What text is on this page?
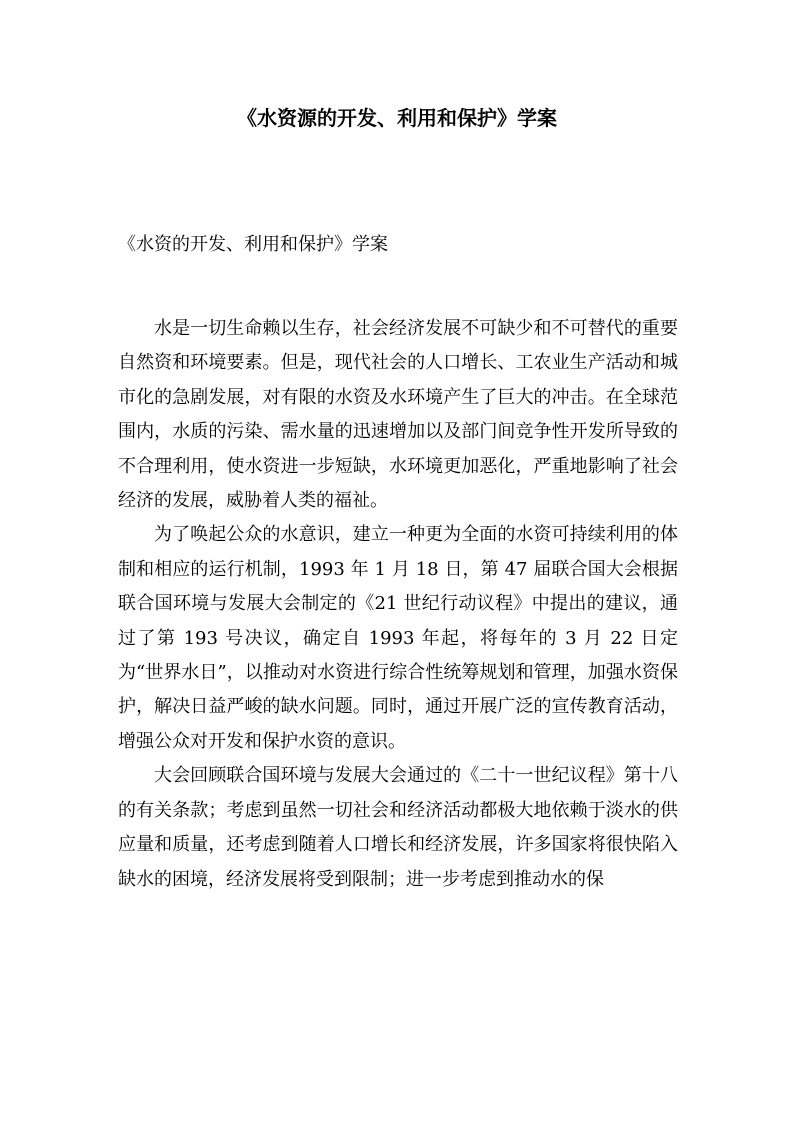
《水资源的开发、利用和保护》学案
《水资的开发、利用和保护》学案

水是一切生命赖以生存，社会经济发展不可缺少和不可替代的重要自然资和环境要素。但是，现代社会的人口增长、工农业生产活动和城市化的急剧发展，对有限的水资及水环境产生了巨大的冲击。在全球范围内，水质的污染、需水量的迅速增加以及部门间竞争性开发所导致的不合理利用，使水资进一步短缺，水环境更加恶化，严重地影响了社会经济的发展，威胁着人类的福祉。

为了唤起公众的水意识，建立一种更为全面的水资可持续利用的体制和相应的运行机制，1993 年 1 月 18 日，第 47 届联合国大会根据联合国环境与发展大会制定的《21 世纪行动议程》中提出的建议，通过了第 193 号决议，确定自 1993 年起，将每年的 3 月 22 日定为“世界水日”，以推动对水资进行综合性统筹规划和管理，加强水资保护，解决日益严峻的缺水问题。同时，通过开展广泛的宣传教育活动，增强公众对开发和保护水资的意识。

大会回顾联合国环境与发展大会通过的《二十一世纪议程》第十八的有关条款；考虑到虽然一切社会和经济活动都极大地依赖于淡水的供应量和质量，还考虑到随着人口增长和经济发展，许多国家将很快陷入缺水的困境，经济发展将受到限制；进一步考虑到推动水的保
